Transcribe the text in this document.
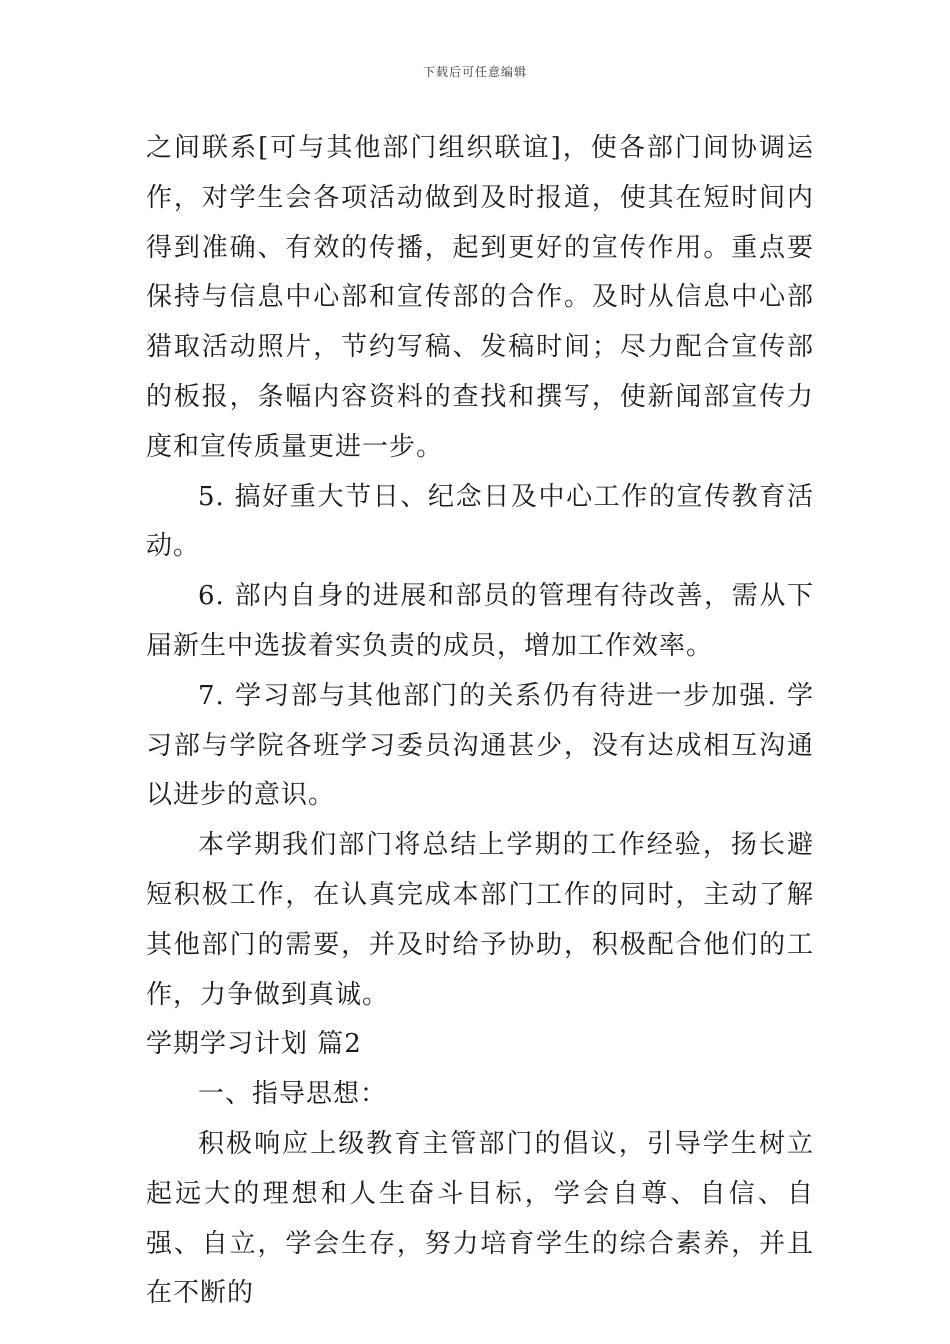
下载后可任意编辑

之间联系[可与其他部门组织联谊]，使各部门间协调运作，对学生会各项活动做到及时报道，使其在短时间内得到准确、有效的传播，起到更好的宣传作用。重点要保持与信息中心部和宣传部的合作。及时从信息中心部猎取活动照片，节约写稿、发稿时间；尽力配合宣传部的板报，条幅内容资料的查找和撰写，使新闻部宣传力度和宣传质量更进一步。

5. 搞好重大节日、纪念日及中心工作的宣传教育活动。

6. 部内自身的进展和部员的管理有待改善，需从下届新生中选拔着实负责的成员，增加工作效率。

7. 学习部与其他部门的关系仍有待进一步加强. 学习部与学院各班学习委员沟通甚少，没有达成相互沟通以进步的意识。

本学期我们部门将总结上学期的工作经验，扬长避短积极工作，在认真完成本部门工作的同时，主动了解其他部门的需要，并及时给予协助，积极配合他们的工作，力争做到真诚。

学期学习计划 篇2

一、指导思想：

积极响应上级教育主管部门的倡议，引导学生树立起远大的理想和人生奋斗目标，学会自尊、自信、自强、自立，学会生存，努力培育学生的综合素养，并且在不断的
